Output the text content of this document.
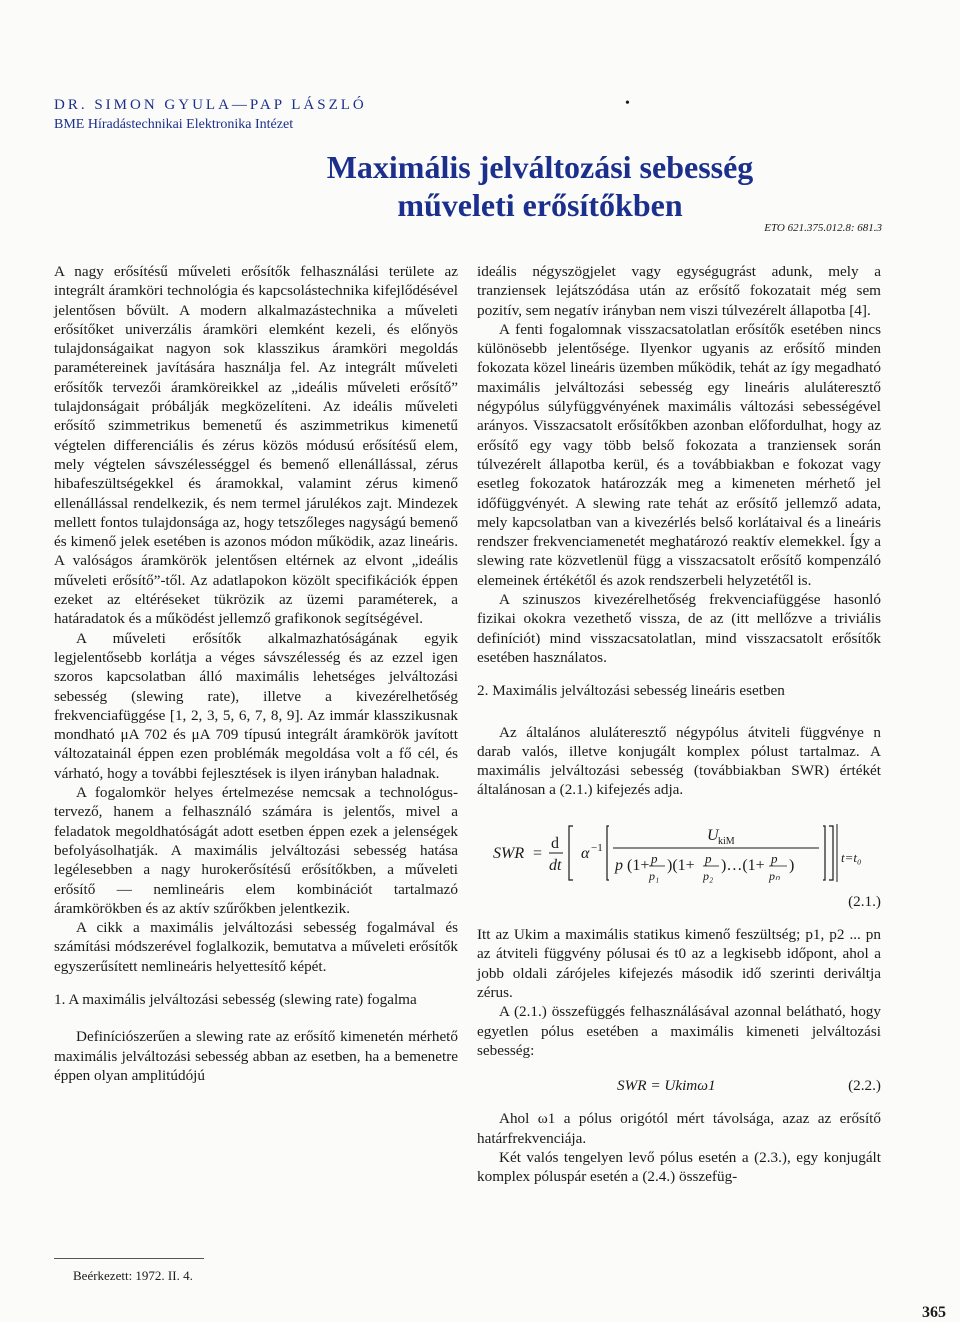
DR. SIMON GYULA—PAP LÁSZLÓ
BME Híradástechnikai Elektronika Intézet
•
Maximális jelváltozási sebesség
műveleti erősítőkben
ETO 621.375.012.8: 681.3

A nagy erősítésű műveleti erősítők felhasználási területe az integrált áramköri technológia és kapcsolástechnika kifejlődésével jelentősen bővült. A modern alkalmazástechnika a műveleti erősítőket univerzális áramköri elemként kezeli, és előnyös tulajdonságaikat nagyon sok klasszikus áramköri megoldás paramétereinek javítására használja fel. Az integrált műveleti erősítők tervezői áramköreikkel az „ideális műveleti erősítő” tulajdonságait próbálják megközelíteni. Az ideális műveleti erősítő szimmetrikus bemenetű és aszimmetrikus kimenetű végtelen differenciális és zérus közös módusú erősítésű elem, mely végtelen sávszélességgel és bemenő ellenállással, zérus hibafeszültségekkel és áramokkal, valamint zérus kimenő ellenállással rendelkezik, és nem termel járulékos zajt. Mindezek mellett fontos tulajdonsága az, hogy tetszőleges nagyságú bemenő és kimenő jelek esetében is azonos módon működik, azaz lineáris. A valóságos áramkörök jelentősen eltérnek az elvont „ideális műveleti erősítő”-től. Az adatlapokon közölt specifikációk éppen ezeket az eltéréseket tükrözik az üzemi paraméterek, a határadatok és a működést jellemző grafikonok segítségével.

A műveleti erősítők alkalmazhatóságának egyik legjelentősebb korlátja a véges sávszélesség és az ezzel igen szoros kapcsolatban álló maximális lehetséges jelváltozási sebesség (slewing rate), illetve a kivezérelhetőség frekvenciafüggése [1, 2, 3, 5, 6, 7, 8, 9]. Az immár klasszikusnak mondható μA 702 és μA 709 típusú integrált áramkörök javított változatainál éppen ezen problémák megoldása volt a fő cél, és várható, hogy a további fejlesztések is ilyen irányban haladnak.

A fogalomkör helyes értelmezése nemcsak a technológus-tervező, hanem a felhasználó számára is jelentős, mivel a feladatok megoldhatóságát adott esetben éppen ezek a jelenségek befolyásolhatják. A maximális jelváltozási sebesség hatása legélesebben a nagy hurokerősítésű erősítőkben, a műveleti erősítő — nemlineáris elem kombinációt tartalmazó áramkörökben és az aktív szűrőkben jelentkezik.

A cikk a maximális jelváltozási sebesség fogalmával és számítási módszerével foglalkozik, bemutatva a műveleti erősítők egyszerűsített nemlineáris helyettesítő képét.

1. A maximális jelváltozási sebesség (slewing rate) fogalma

Definíciószerűen a slewing rate az erősítő kimenetén mérhető maximális jelváltozási sebesség abban az esetben, ha a bemenetre éppen olyan amplitúdójú

Beérkezett: 1972. II. 4.

ideális négyszögjelet vagy egységugrást adunk, mely a tranziensek lejátszódása után az erősítő fokozatait még sem pozitív, sem negatív irányban nem viszi túlvezérelt állapotba [4].

A fenti fogalomnak visszacsatolatlan erősítők esetében nincs különösebb jelentősége. Ilyenkor ugyanis az erősítő minden fokozata közel lineáris üzemben működik, tehát az így megadható maximális jelváltozási sebesség egy lineáris aluláteresztő négypólus súlyfüggvényének maximális változási sebességével arányos. Visszacsatolt erősítőkben azonban előfordulhat, hogy az erősítő egy vagy több belső fokozata a tranziensek során túlvezérelt állapotba kerül, és a továbbiakban e fokozat vagy esetleg fokozatok határozzák meg a kimeneten mérhető jel időfüggvényét. A slewing rate tehát az erősítő jellemző adata, mely kapcsolatban van a kivezérlés belső korlátaival és a lineáris rendszer frekvenciamenetét meghatározó reaktív elemekkel. Így a slewing rate közvetlenül függ a visszacsatolt erősítő kompenzáló elemeinek értékétől és azok rendszerbeli helyzetétől is.

A szinuszos kivezérelhetőség frekvenciafüggése hasonló fizikai okokra vezethető vissza, de az (itt mellőzve a triviális definíciót) mind visszacsatolatlan, mind visszacsatolt erősítők esetében használatos.

2. Maximális jelváltozási sebesség lineáris esetben

Az általános aluláteresztő négypólus átviteli függvénye n darab valós, illetve konjugált komplex pólust tartalmaz. A maximális jelváltozási sebesség (továbbiakban SWR) értékét általánosan a (2.1.) kifejezés adja.

SWR =
d
dt
α −1
U kiM
p (1+ p
p₁
)(1+ p
p₂
)…(1+ p
pₙ
)	t=t₀

(2.1.)

Itt az Ukim a maximális statikus kimenő feszültség; p1, p2 ... pn az átviteli függvény pólusai és t0 az a legkisebb időpont, ahol a jobb oldali zárójeles kifejezés második idő szerinti deriváltja zérus.

A (2.1.) összefüggés felhasználásával azonnal belátható, hogy egyetlen pólus esetében a maximális kimeneti jelváltozási sebesség:

SWR = Ukimω1	(2.2.)

Ahol ω1 a pólus origótól mért távolsága, azaz az erősítő határfrekvenciája.

Két valós tengelyen levő pólus esetén a (2.3.), egy konjugált komplex póluspár esetén a (2.4.) összefüg-

365
